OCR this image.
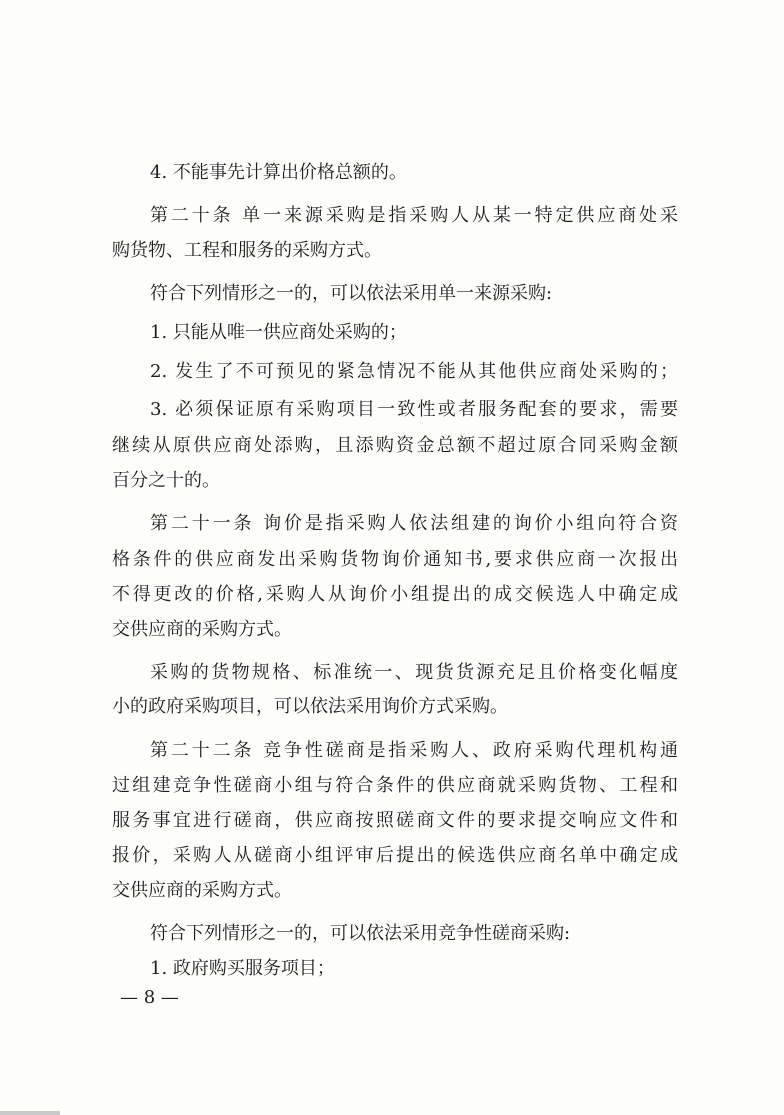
4. 不能事先计算出价格总额的。
第二十条 单一来源采购是指采购人从某一特定供应商处采
购货物、工程和服务的采购方式。
符合下列情形之一的，可以依法采用单一来源采购:
1. 只能从唯一供应商处采购的；
2. 发生了不可预见的紧急情况不能从其他供应商处采购的；
3. 必须保证原有采购项目一致性或者服务配套的要求，需要
继续从原供应商处添购，且添购资金总额不超过原合同采购金额
百分之十的。
第二十一条 询价是指采购人依法组建的询价小组向符合资
格条件的供应商发出采购货物询价通知书,要求供应商一次报出
不得更改的价格,采购人从询价小组提出的成交候选人中确定成
交供应商的采购方式。
采购的货物规格、标准统一、现货货源充足且价格变化幅度
小的政府采购项目，可以依法采用询价方式采购。
第二十二条 竞争性磋商是指采购人、政府采购代理机构通
过组建竞争性磋商小组与符合条件的供应商就采购货物、工程和
服务事宜进行磋商，供应商按照磋商文件的要求提交响应文件和
报价，采购人从磋商小组评审后提出的候选供应商名单中确定成
交供应商的采购方式。
符合下列情形之一的，可以依法采用竞争性磋商采购:
1. 政府购买服务项目；
— 8 —
